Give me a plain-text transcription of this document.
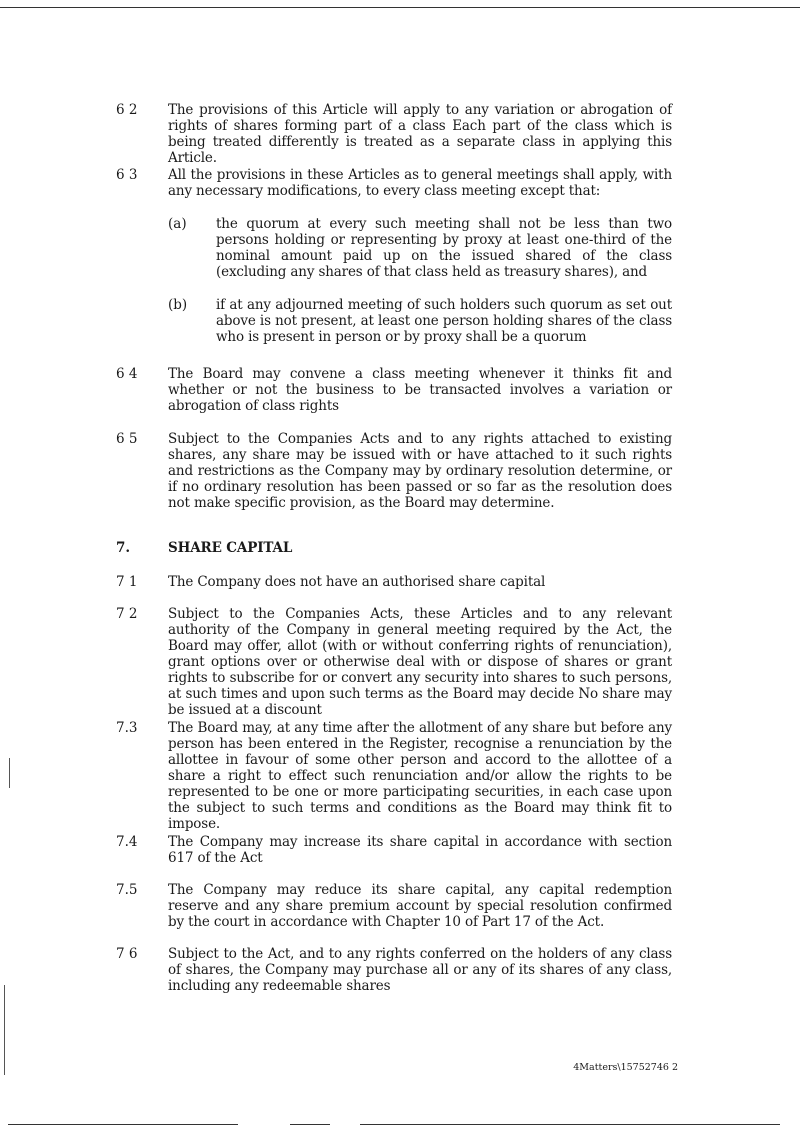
6 2 The provisions of this Article will apply to any variation or abrogation of rights of shares forming part of a class Each part of the class which is being treated differently is treated as a separate class in applying this Article.
6 3 All the provisions in these Articles as to general meetings shall apply, with any necessary modifications, to every class meeting except that:
(a) the quorum at every such meeting shall not be less than two persons holding or representing by proxy at least one-third of the nominal amount paid up on the issued shared of the class (excluding any shares of that class held as treasury shares), and
(b) if at any adjourned meeting of such holders such quorum as set out above is not present, at least one person holding shares of the class who is present in person or by proxy shall be a quorum
6 4 The Board may convene a class meeting whenever it thinks fit and whether or not the business to be transacted involves a variation or abrogation of class rights
6 5 Subject to the Companies Acts and to any rights attached to existing shares, any share may be issued with or have attached to it such rights and restrictions as the Company may by ordinary resolution determine, or if no ordinary resolution has been passed or so far as the resolution does not make specific provision, as the Board may determine.
7.	SHARE CAPITAL
7 1 The Company does not have an authorised share capital
7 2 Subject to the Companies Acts, these Articles and to any relevant authority of the Company in general meeting required by the Act, the Board may offer, allot (with or without conferring rights of renunciation), grant options over or otherwise deal with or dispose of shares or grant rights to subscribe for or convert any security into shares to such persons, at such times and upon such terms as the Board may decide No share may be issued at a discount
7.3 The Board may, at any time after the allotment of any share but before any person has been entered in the Register, recognise a renunciation by the allottee in favour of some other person and accord to the allottee of a share a right to effect such renunciation and/or allow the rights to be represented to be one or more participating securities, in each case upon the subject to such terms and conditions as the Board may think fit to impose.
7.4 The Company may increase its share capital in accordance with section 617 of the Act
7.5 The Company may reduce its share capital, any capital redemption reserve and any share premium account by special resolution confirmed by the court in accordance with Chapter 10 of Part 17 of the Act.
7 6 Subject to the Act, and to any rights conferred on the holders of any class of shares, the Company may purchase all or any of its shares of any class, including any redeemable shares
4Matters\15752746 2
